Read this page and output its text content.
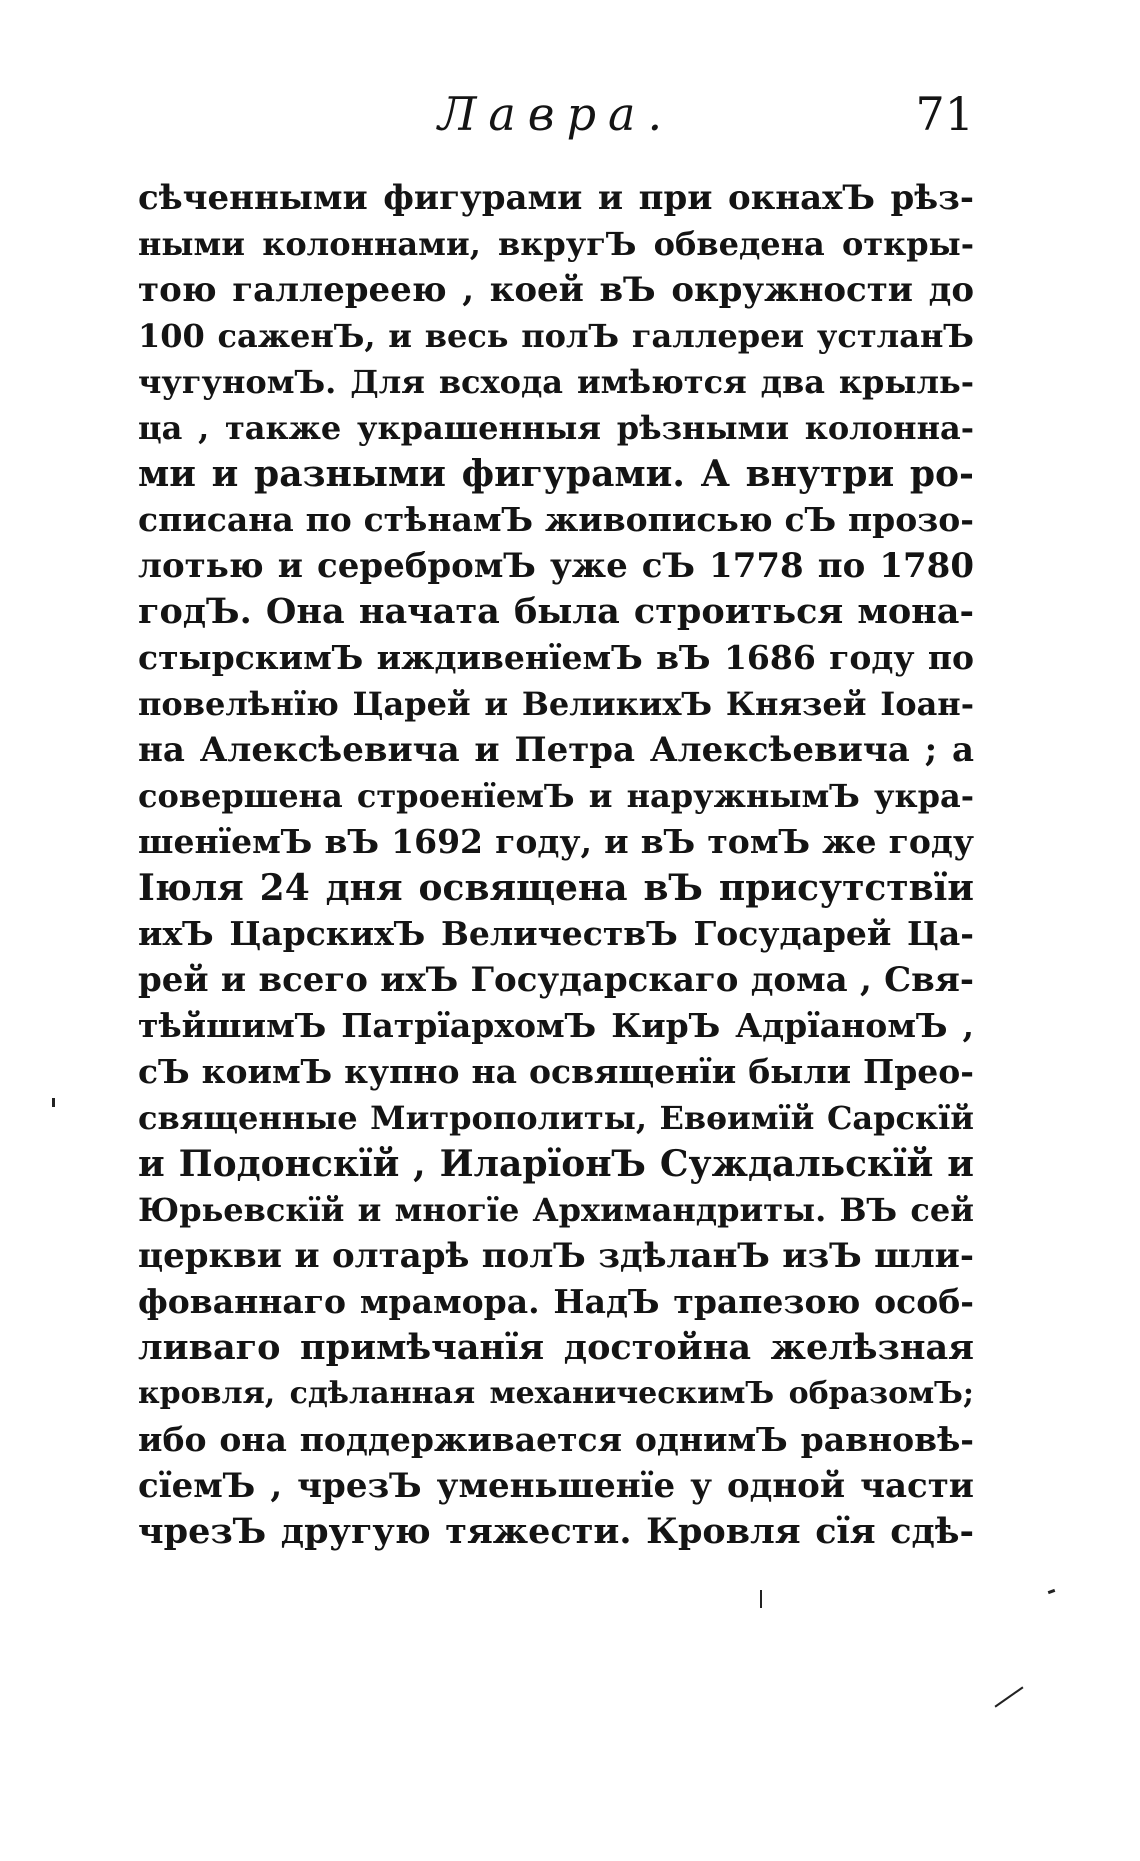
Лавра.	71
сѣченными фигурами и при окнахЪ рѣз-
ными колоннами, вкругЪ обведена откры-
тою галлереею , коей вЪ окружности до
100 саженЪ, и весь полЪ галлереи устланЪ
чугуномЪ. Для всхода имѣются два крыль-
ца , также украшенныя рѣзными колонна-
ми и разными фигурами. А внутри ро-
списана по стѣнамЪ живописью сЪ прозо-
лотью и серебромЪ уже сЪ 1778 по 1780
годЪ. Она начата была строиться мона-
стырскимЪ иждивенїемЪ вЪ 1686 году по
повелѣнїю Царей и ВеликихЪ Князей Іоан-
на Алексѣевича и Петра Алексѣевича ; а
совершена строенїемЪ и наружнымЪ укра-
шенїемЪ вЪ 1692 году, и вЪ томЪ же году
Іюля 24 дня освящена вЪ присутствїи
ихЪ ЦарскихЪ ВеличествЪ Государей Ца-
рей и всего ихЪ Государскаго дома , Свя-
тѣйшимЪ ПатрїархомЪ КирЪ АдрїаномЪ ,
сЪ коимЪ купно на освященїи были Прео-
священные Митрополиты, Евѳимїй Сарскїй
и Подонскїй , ИларїонЪ Суждальскїй и
Юрьевскїй и многїе Архимандриты. ВЪ сей
церкви и олтарѣ полЪ здѣланЪ изЪ шли-
фованнаго мрамора. НадЪ трапезою особ-
ливаго примѣчанїя достойна желѣзная
кровля, сдѣланная механическимЪ образомЪ;
ибо она поддерживается однимЪ равновѣ-
сїемЪ , чрезЪ уменьшенїе у одной части
чрезЪ другую тяжести. Кровля сїя сдѣ-
